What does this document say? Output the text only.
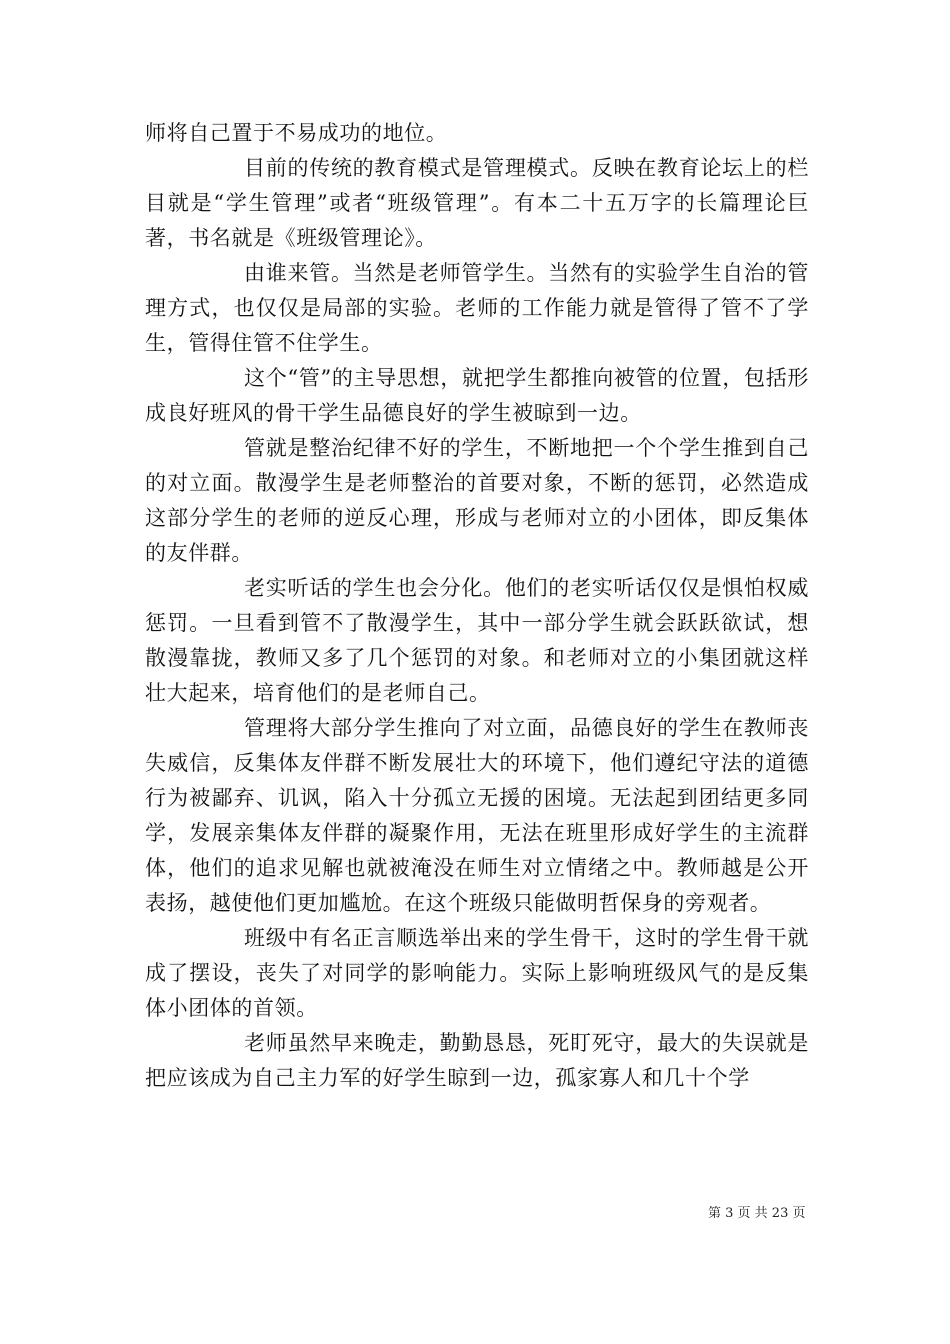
师将自己置于不易成功的地位。

目前的传统的教育模式是管理模式。反映在教育论坛上的栏目就是“学生管理”或者“班级管理”。有本二十五万字的长篇理论巨著，书名就是《班级管理论》。

由谁来管。当然是老师管学生。当然有的实验学生自治的管理方式，也仅仅是局部的实验。老师的工作能力就是管得了管不了学生，管得住管不住学生。

这个“管”的主导思想，就把学生都推向被管的位置，包括形成良好班风的骨干学生品德良好的学生被晾到一边。

管就是整治纪律不好的学生，不断地把一个个学生推到自己的对立面。散漫学生是老师整治的首要对象，不断的惩罚，必然造成这部分学生的老师的逆反心理，形成与老师对立的小团体，即反集体的友伴群。

老实听话的学生也会分化。他们的老实听话仅仅是惧怕权威惩罚。一旦看到管不了散漫学生，其中一部分学生就会跃跃欲试，想散漫靠拢，教师又多了几个惩罚的对象。和老师对立的小集团就这样壮大起来，培育他们的是老师自己。

管理将大部分学生推向了对立面，品德良好的学生在教师丧失威信，反集体友伴群不断发展壮大的环境下，他们遵纪守法的道德行为被鄙弃、讥讽，陷入十分孤立无援的困境。无法起到团结更多同学，发展亲集体友伴群的凝聚作用，无法在班里形成好学生的主流群体，他们的追求见解也就被淹没在师生对立情绪之中。教师越是公开表扬，越使他们更加尴尬。在这个班级只能做明哲保身的旁观者。

班级中有名正言顺选举出来的学生骨干，这时的学生骨干就成了摆设，丧失了对同学的影响能力。实际上影响班级风气的是反集体小团体的首领。

老师虽然早来晚走，勤勤恳恳，死盯死守，最大的失误就是把应该成为自己主力军的好学生晾到一边，孤家寡人和几十个学

第 3 页 共 23 页
